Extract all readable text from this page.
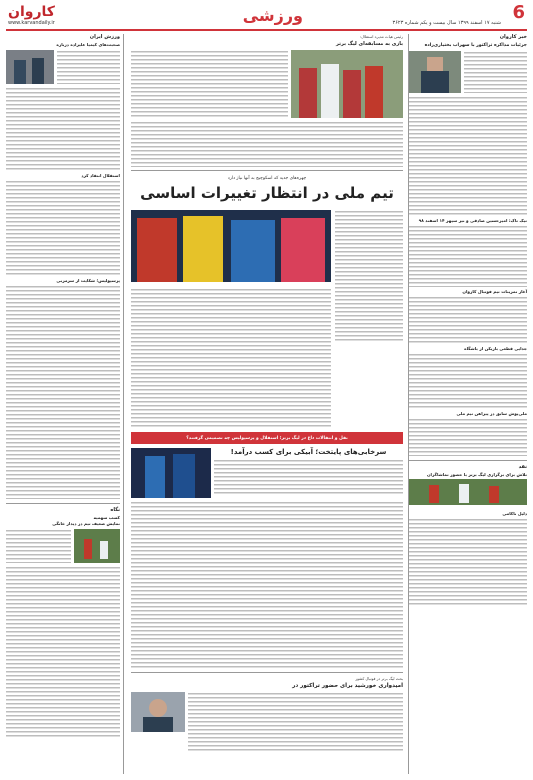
6
شنبه ۱۷ اسفند ۱۳۹۹ سال بیست و یکم شماره ۳۶۲۳
ورزشی
کاروان
www.karvandaily.ir
خبر کاروان
جزئیات مذاکره تراکتور با سهراب بختیاری‌زاده
تیک تاک: امیرحسین صادقی و نیز سپهر ۱۴ اسفند ۹۸
آغاز تمرینات تیم فوتبال کاروان
جدایی قطعی بازیکن از باشگاه
ملی‌پوش سابق در پیراهن تیم ملی
نقد
تلاش برای برگزاری لیگ برتر با حضور تماشاگران
دلیل ناکامی
رئیس هیات مدیره استقلال:
بازی به مسابقه‌ای لیگ برتر
چهره‌های جدید که اسکوچیچ به آنها نیاز دارد
تیم ملی در انتظار تغییرات اساسی
نقل و انتقالات داغ در لیگ برتر؛ استقلال و پرسپولیس چه تصمیمی گرفتند؟
سرخابی‌های پایتخت؛ آبیکی برای کسب درآمد!
بحث لیگ برتر در فوتبال کشور
امیدواری خورشید برای حضور تراکتور در
ورزش ایران
صحبت‌های کیمیا علیزاده درباره
استقلال انتقاد کرد
پرسپولیس؛ شکایت از سرمربی
نگاه
کسب سهمیه
نمایش ضعیف تیم در دیدار خانگی
